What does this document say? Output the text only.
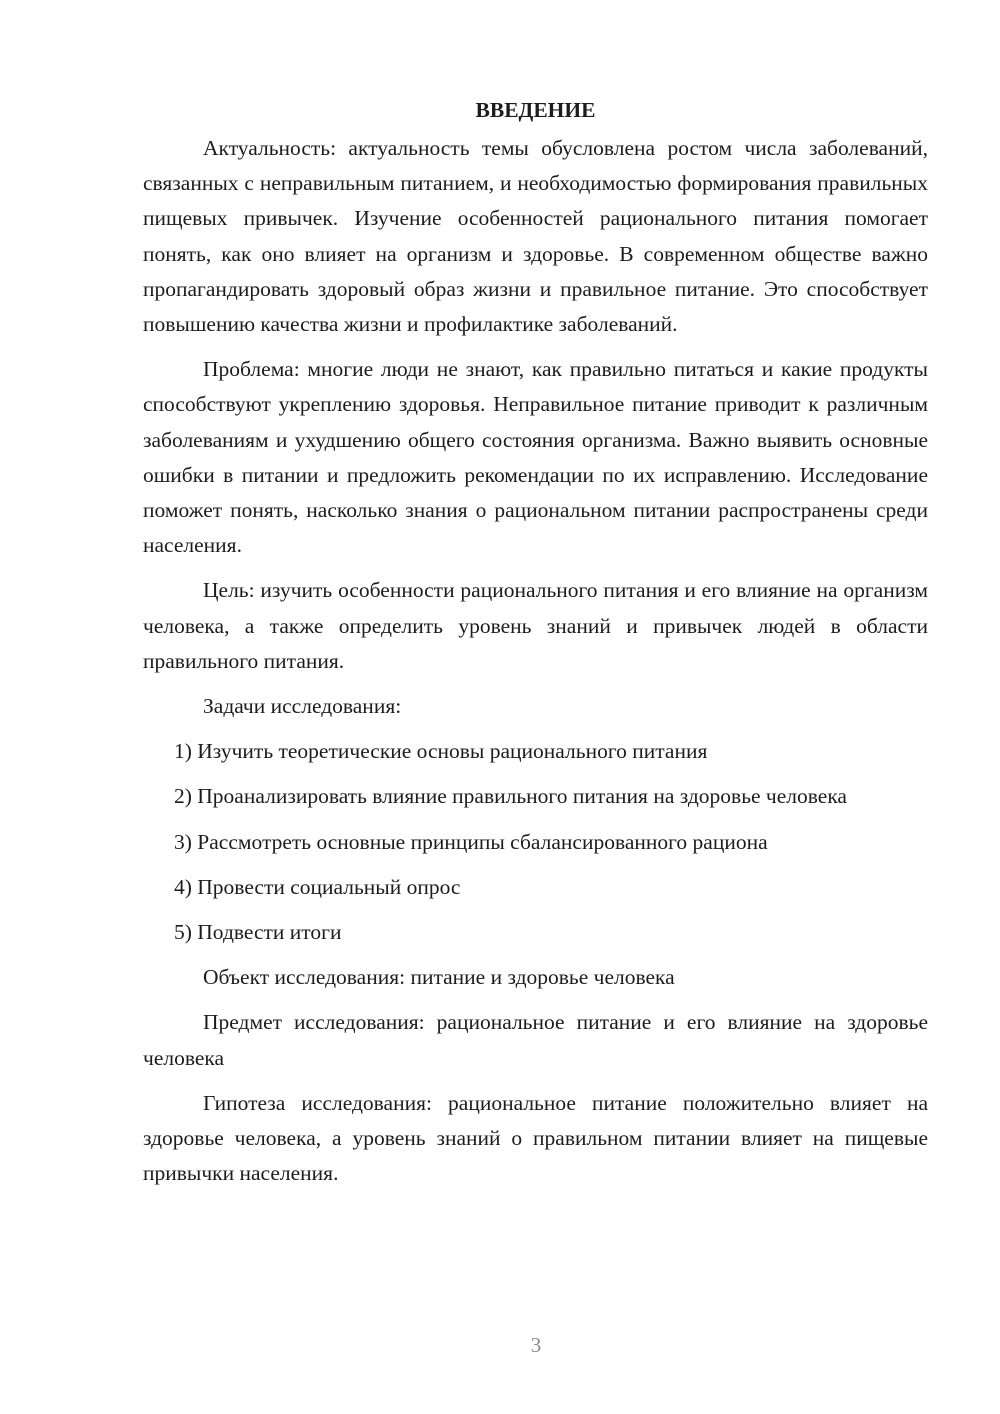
ВВЕДЕНИЕ

Актуальность: актуальность темы обусловлена ростом числа заболеваний, связанных с неправильным питанием, и необходимостью формирования правильных пищевых привычек. Изучение особенностей рационального питания помогает понять, как оно влияет на организм и здоровье. В современном обществе важно пропагандировать здоровый образ жизни и правильное питание. Это способствует повышению качества жизни и профилактике заболеваний.

Проблема: многие люди не знают, как правильно питаться и какие продукты способствуют укреплению здоровья. Неправильное питание приводит к различным заболеваниям и ухудшению общего состояния организма. Важно выявить основные ошибки в питании и предложить рекомендации по их исправлению. Исследование поможет понять, насколько знания о рациональном питании распространены среди населения.

Цель: изучить особенности рационального питания и его влияние на организм человека, а также определить уровень знаний и привычек людей в области правильного питания.

Задачи исследования:

1) Изучить теоретические основы рационального питания

2) Проанализировать влияние правильного питания на здоровье человека

3) Рассмотреть основные принципы сбалансированного рациона

4) Провести социальный опрос

5) Подвести итоги

Объект исследования: питание и здоровье человека

Предмет исследования: рациональное питание и его влияние на здоровье человека

Гипотеза исследования: рациональное питание положительно влияет на здоровье человека, а уровень знаний о правильном питании влияет на пищевые привычки населения.

3
